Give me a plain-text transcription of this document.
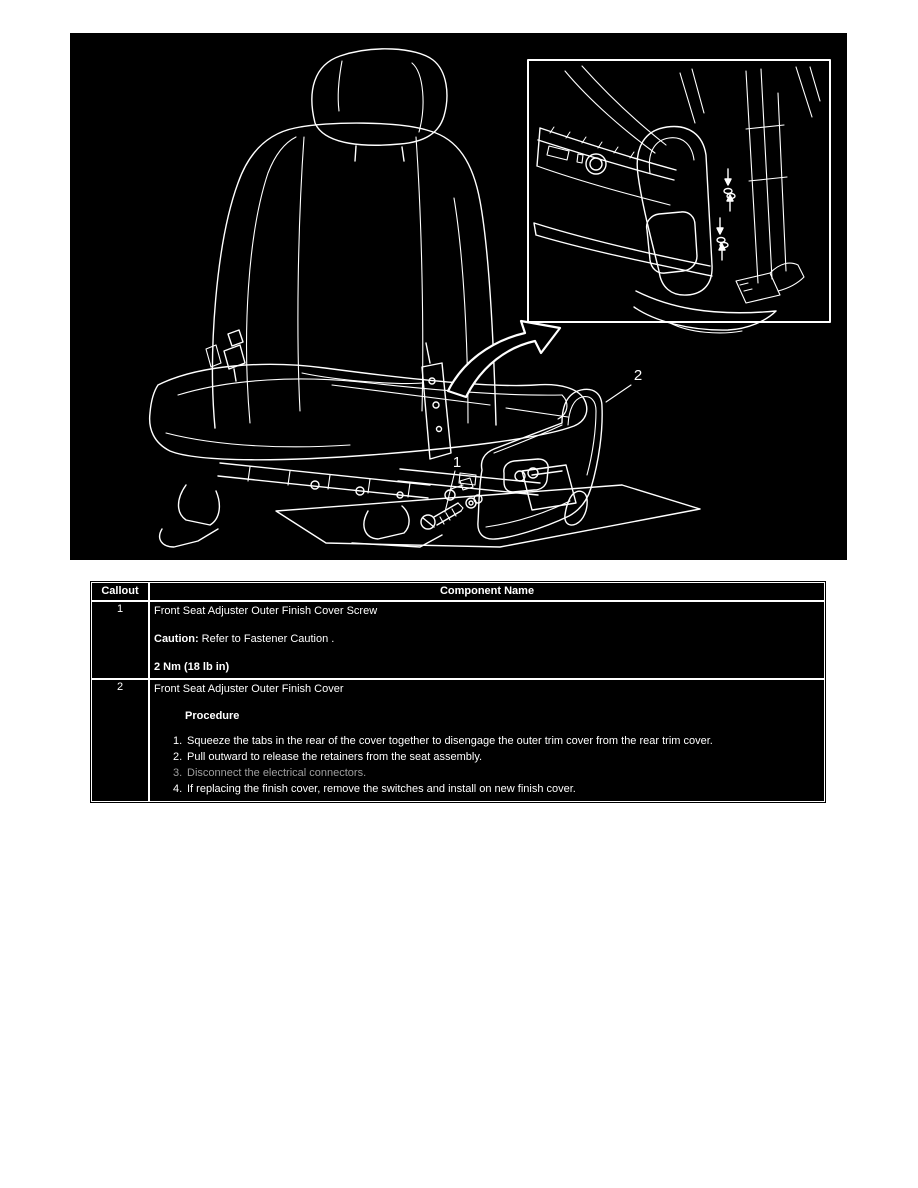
1
2
Callout	Component Name
1	Front Seat Adjuster Outer Finish Cover Screw

Caution: Refer to Fastener Caution .

2 Nm (18 lb in)

2	Front Seat Adjuster Outer Finish Cover

Procedure

1. Squeeze the tabs in the rear of the cover together to disengage the outer trim cover from the rear trim cover.
2. Pull outward to release the retainers from the seat assembly.
3. Disconnect the electrical connectors.
4. If replacing the finish cover, remove the switches and install on new finish cover.
